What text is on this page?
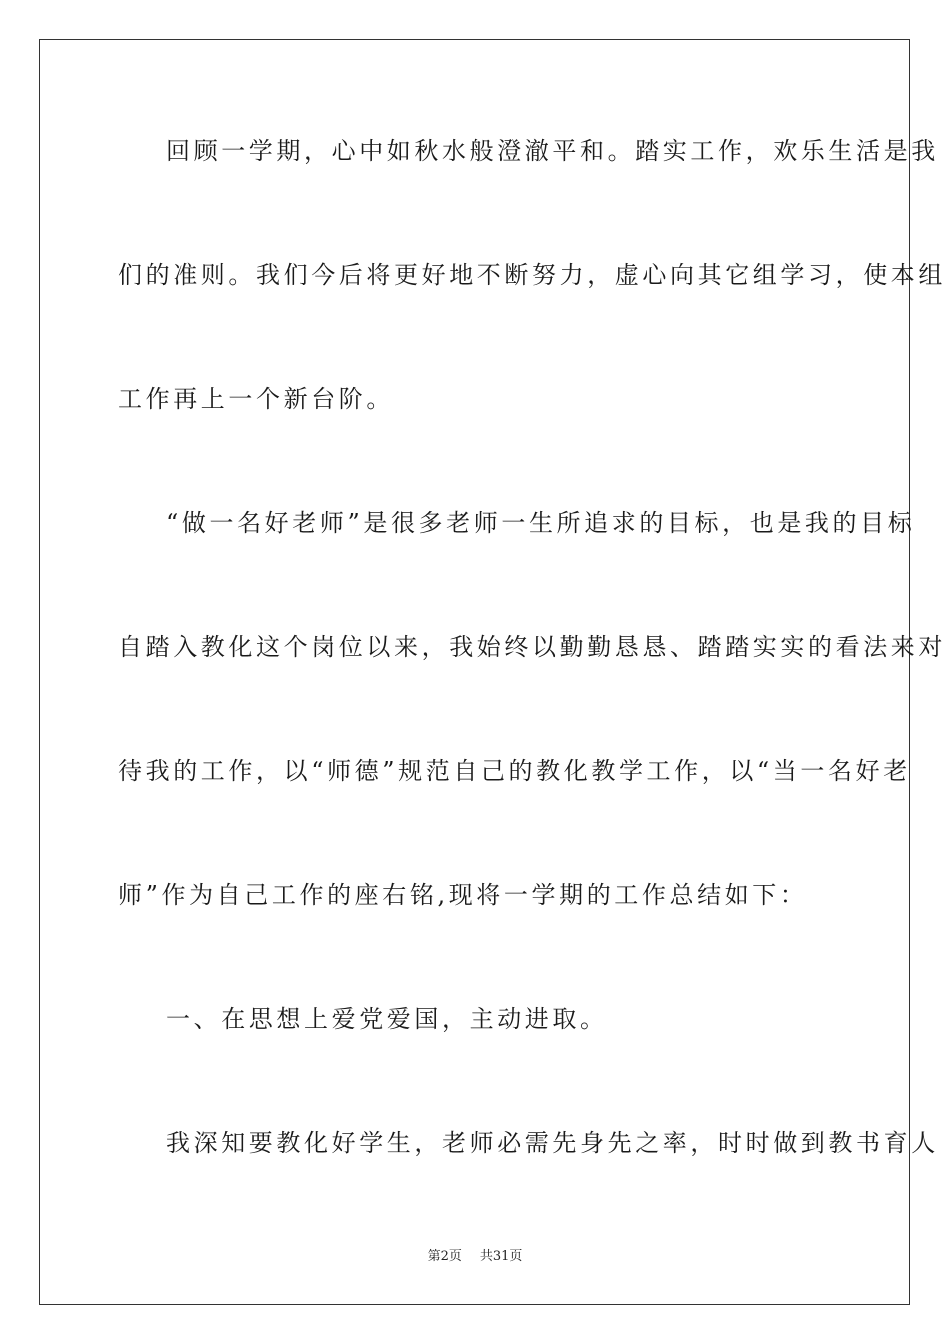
回顾一学期，心中如秋水般澄澈平和。踏实工作，欢乐生活是我

们的准则。我们今后将更好地不断努力，虚心向其它组学习，使本组

工作再上一个新台阶。

“做一名好老师”是很多老师一生所追求的目标，也是我的目标

自踏入教化这个岗位以来，我始终以勤勤恳恳、踏踏实实的看法来对

待我的工作，以“师德”规范自己的教化教学工作，以“当一名好老

师”作为自己工作的座右铭,现将一学期的工作总结如下：

一、在思想上爱党爱国，主动进取。

我深知要教化好学生，老师必需先身先之率，时时做到教书育人

第2页 共31页
